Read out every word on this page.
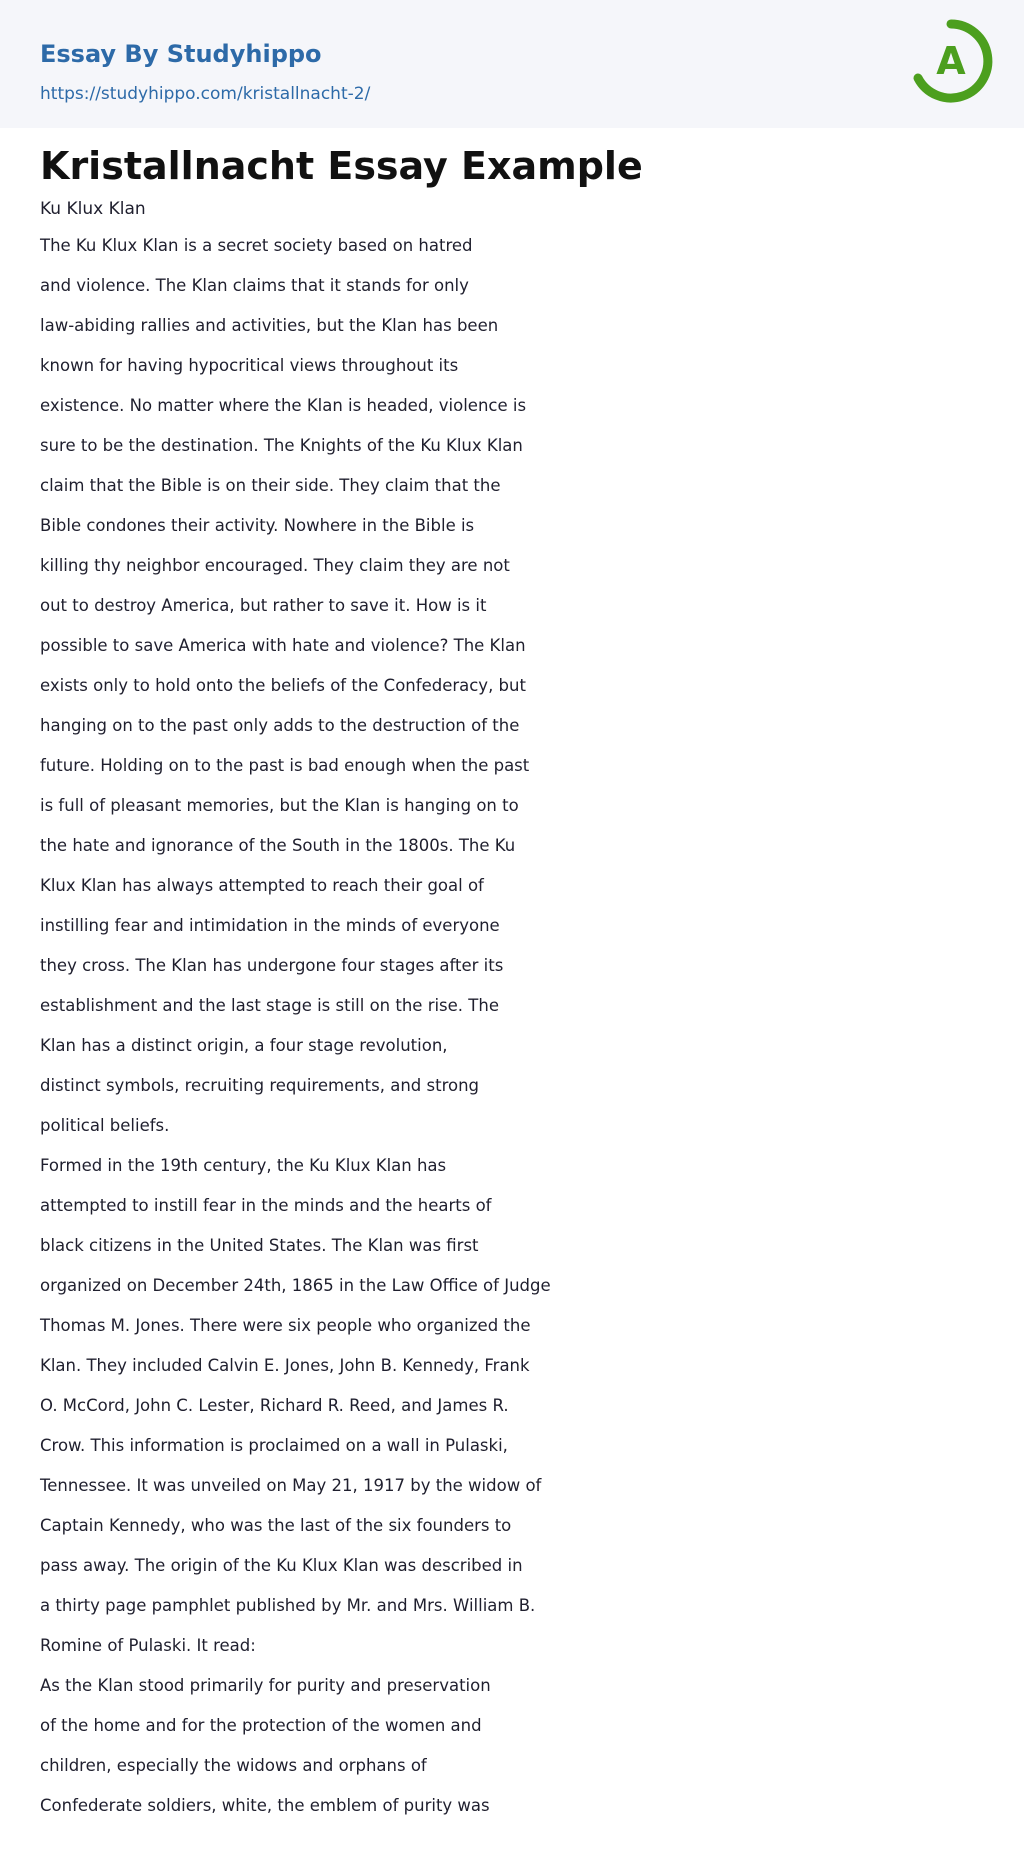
Essay By Studyhippo
https://studyhippo.com/kristallnacht-2/
A
Kristallnacht Essay Example
Ku Klux Klan
The Ku Klux Klan is a secret society based on hatred
and violence. The Klan claims that it stands for only
law-abiding rallies and activities, but the Klan has been
known for having hypocritical views throughout its
existence. No matter where the Klan is headed, violence is
sure to be the destination. The Knights of the Ku Klux Klan
claim that the Bible is on their side. They claim that the
Bible condones their activity. Nowhere in the Bible is
killing thy neighbor encouraged. They claim they are not
out to destroy America, but rather to save it. How is it
possible to save America with hate and violence? The Klan
exists only to hold onto the beliefs of the Confederacy, but
hanging on to the past only adds to the destruction of the
future. Holding on to the past is bad enough when the past
is full of pleasant memories, but the Klan is hanging on to
the hate and ignorance of the South in the 1800s. The Ku
Klux Klan has always attempted to reach their goal of
instilling fear and intimidation in the minds of everyone
they cross. The Klan has undergone four stages after its
establishment and the last stage is still on the rise. The
Klan has a distinct origin, a four stage revolution,
distinct symbols, recruiting requirements, and strong
political beliefs.
Formed in the 19th century, the Ku Klux Klan has
attempted to instill fear in the minds and the hearts of
black citizens in the United States. The Klan was first
organized on December 24th, 1865 in the Law Office of Judge
Thomas M. Jones. There were six people who organized the
Klan. They included Calvin E. Jones, John B. Kennedy, Frank
O. McCord, John C. Lester, Richard R. Reed, and James R.
Crow. This information is proclaimed on a wall in Pulaski,
Tennessee. It was unveiled on May 21, 1917 by the widow of
Captain Kennedy, who was the last of the six founders to
pass away. The origin of the Ku Klux Klan was described in
a thirty page pamphlet published by Mr. and Mrs. William B.
Romine of Pulaski. It read:
As the Klan stood primarily for purity and preservation
of the home and for the protection of the women and
children, especially the widows and orphans of
Confederate soldiers, white, the emblem of purity was
